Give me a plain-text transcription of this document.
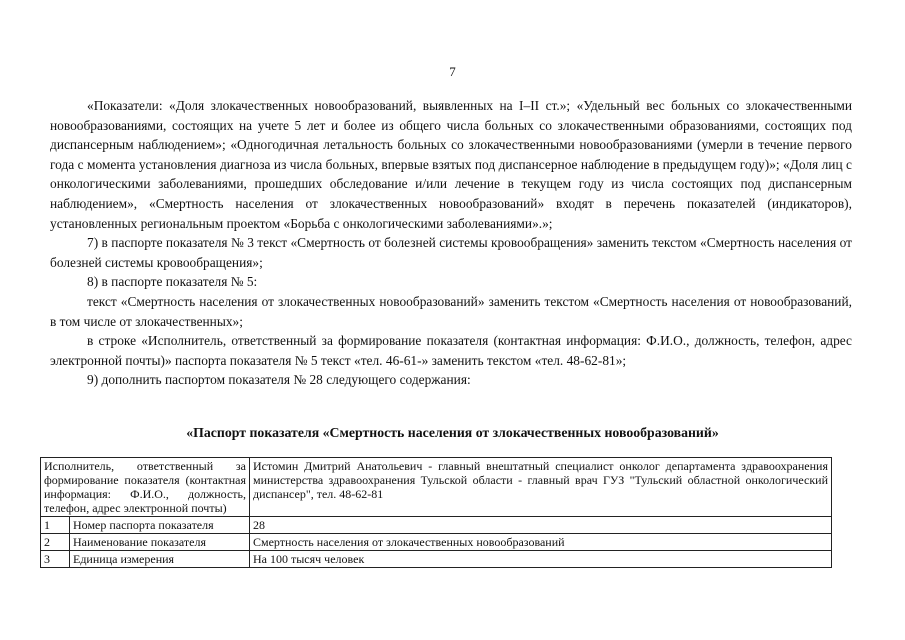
7

«Показатели: «Доля злокачественных новообразований, выявленных на I–II ст.»; «Удельный вес больных со злокачественными новообразованиями, состоящих на учете 5 лет и более из общего числа больных со злокачественными образованиями, состоящих под диспансерным наблюдением»; «Одногодичная летальность больных со злокачественными новообразованиями (умерли в течение первого года с момента установления диагноза из числа больных, впервые взятых под диспансерное наблюдение в предыдущем году)»; «Доля лиц с онкологическими заболеваниями, прошедших обследование и/или лечение в текущем году из числа состоящих под диспансерным наблюдением», «Смертность населения от злокачественных новообразований» входят в перечень показателей (индикаторов), установленных региональным проектом «Борьба с онкологическими заболеваниями».»;

7) в паспорте показателя № 3 текст «Смертность от болезней системы кровообращения» заменить текстом «Смертность населения от болезней системы кровообращения»;

8) в паспорте показателя № 5:

текст «Смертность населения от злокачественных новообразований» заменить текстом «Смертность населения от новообразований, в том числе от злокачественных»;

в строке «Исполнитель, ответственный за формирование показателя (контактная информация: Ф.И.О., должность, телефон, адрес электронной почты)» паспорта показателя № 5 текст «тел. 46-61-» заменить текстом «тел. 48-62-81»;

9) дополнить паспортом показателя № 28 следующего содержания:

«Паспорт показателя «Смертность населения от злокачественных новообразований»
Исполнитель, ответственный за формирование показателя (контактная информация: Ф.И.О., должность, телефон, адрес электронной почты)		Истомин Дмитрий Анатольевич - главный внештатный специалист онколог департамента здравоохранения министерства здравоохранения Тульской области - главный врач ГУЗ "Тульский областной онкологический диспансер", тел. 48-62-81
1	Номер паспорта показателя	28
2	Наименование показателя	Смертность населения от злокачественных новообразований
3	Единица измерения	На 100 тысяч человек
